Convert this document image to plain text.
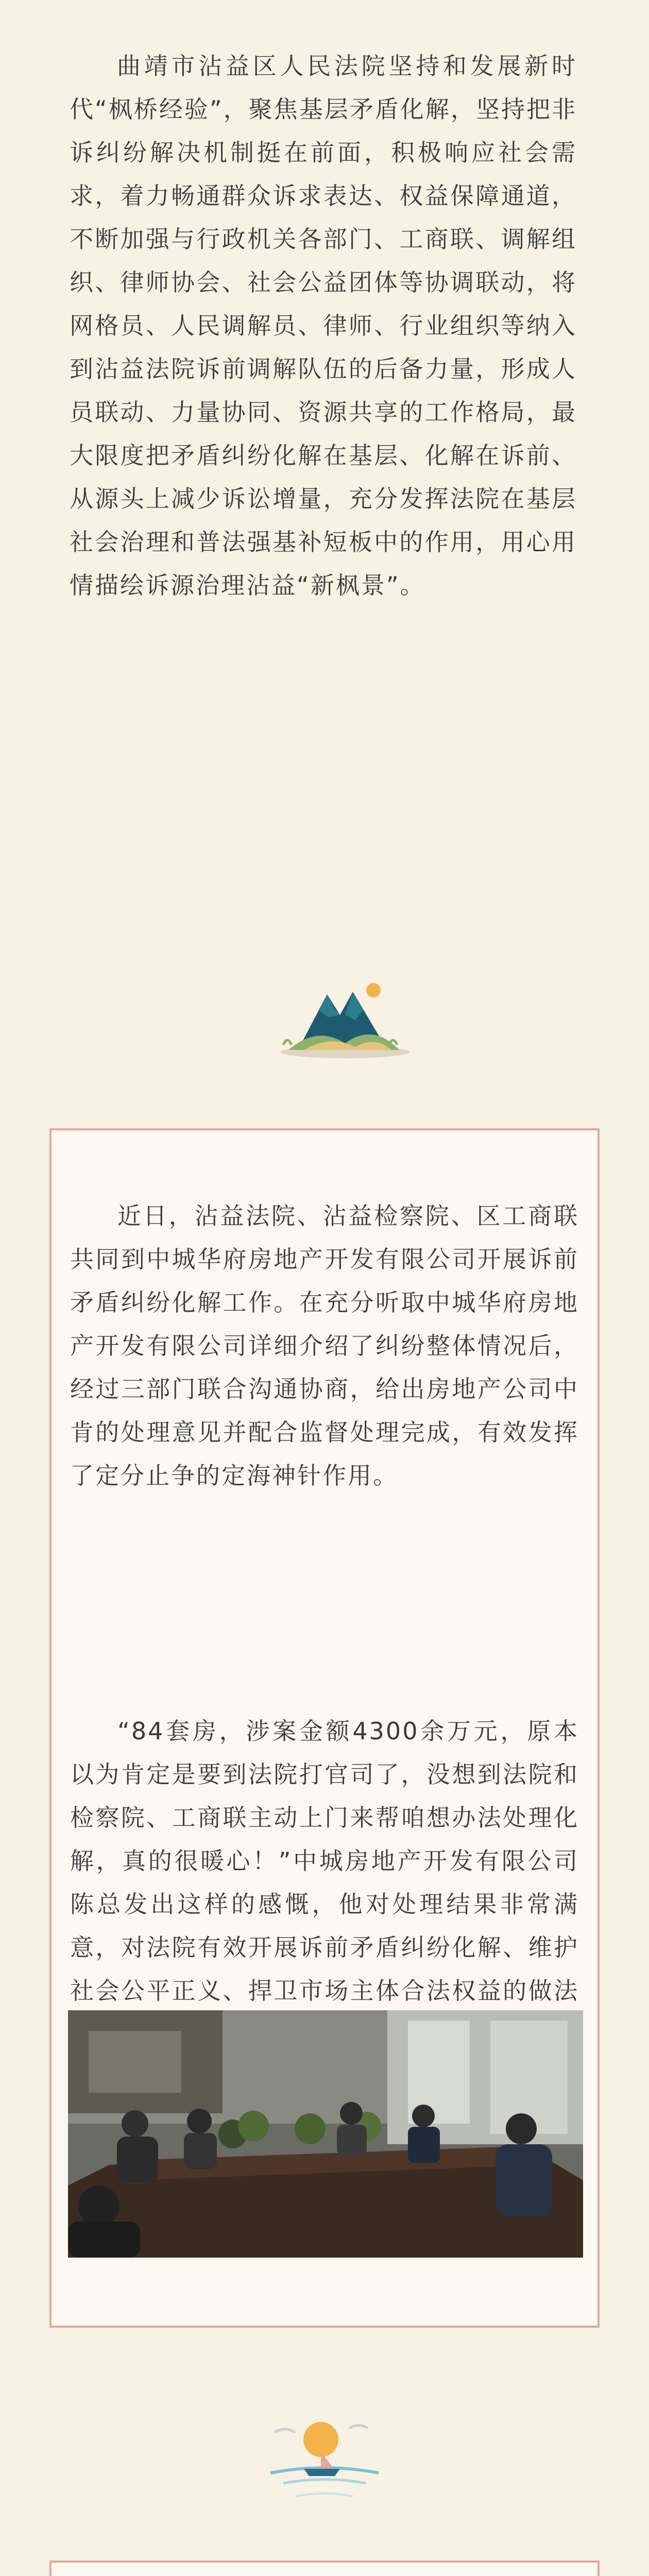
曲靖市沾益区人民法院坚持和发展新时代“枫桥经验”，聚焦基层矛盾化解，坚持把非诉纠纷解决机制挺在前面，积极响应社会需求，着力畅通群众诉求表达、权益保障通道，不断加强与行政机关各部门、工商联、调解组织、律师协会、社会公益团体等协调联动，将网格员、人民调解员、律师、行业组织等纳入到沾益法院诉前调解队伍的后备力量，形成人员联动、力量协同、资源共享的工作格局，最大限度把矛盾纠纷化解在基层、化解在诉前、从源头上减少诉讼增量，充分发挥法院在基层社会治理和普法强基补短板中的作用，用心用情描绘诉源治理沾益“新枫景”。

近日，沾益法院、沾益检察院、区工商联共同到中城华府房地产开发有限公司开展诉前矛盾纠纷化解工作。在充分听取中城华府房地产开发有限公司详细介绍了纠纷整体情况后，经过三部门联合沟通协商，给出房地产公司中肯的处理意见并配合监督处理完成，有效发挥了定分止争的定海神针作用。

“84套房，涉案金额4300余万元，原本以为肯定是要到法院打官司了，没想到法院和检察院、工商联主动上门来帮咱想办法处理化解，真的很暖心！”中城房地产开发有限公司陈总发出这样的感慨，他对处理结果非常满意，对法院有效开展诉前矛盾纠纷化解、维护社会公平正义、捍卫市场主体合法权益的做法
